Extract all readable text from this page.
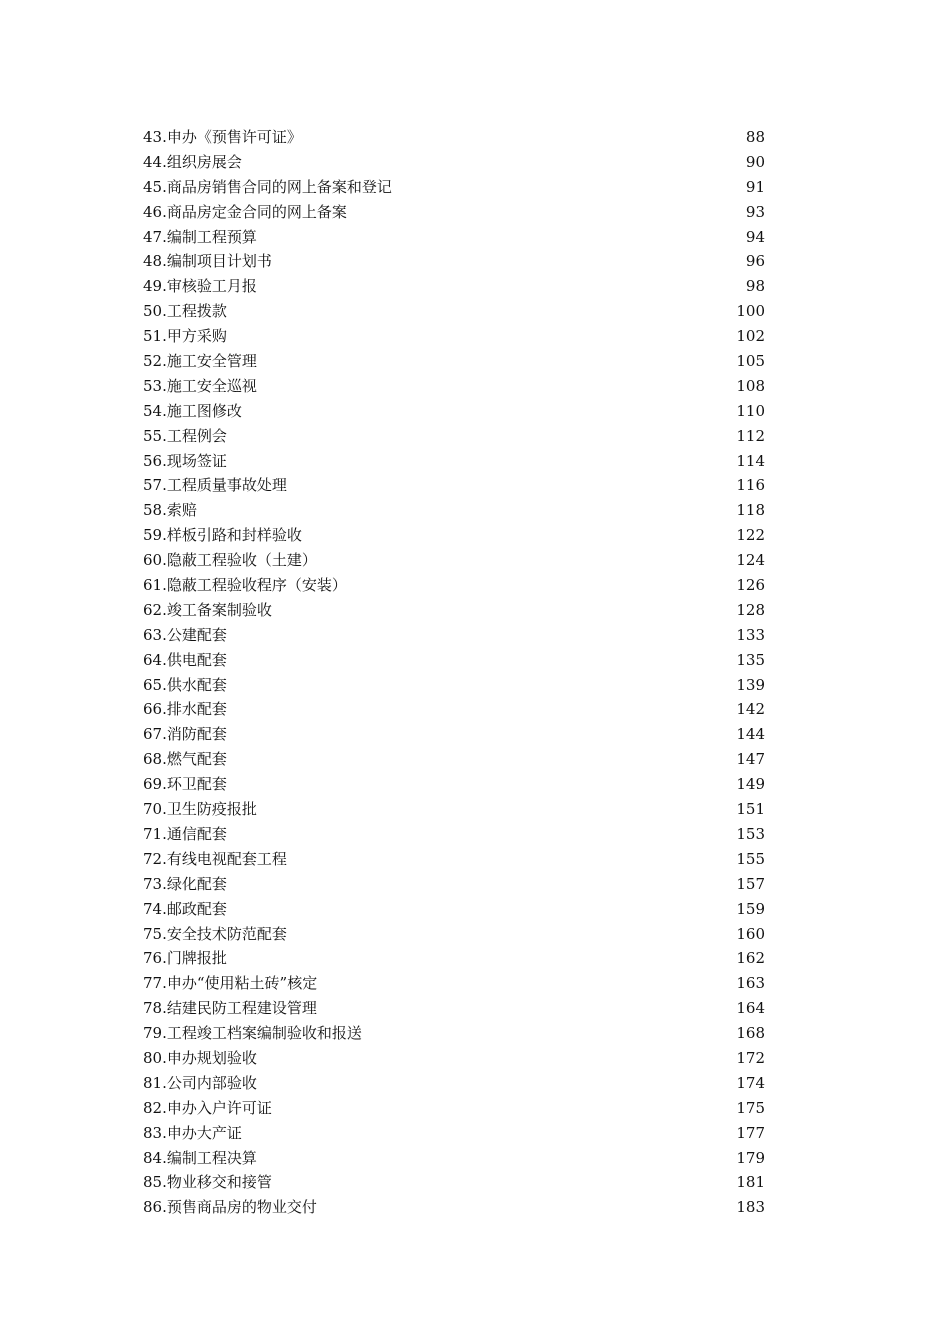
43.申办《预售许可证》	88
44.组织房展会	90
45.商品房销售合同的网上备案和登记	91
46.商品房定金合同的网上备案	93
47.编制工程预算	94
48.编制项目计划书	96
49.审核验工月报	98
50.工程拨款	100
51.甲方采购	102
52.施工安全管理	105
53.施工安全巡视	108
54.施工图修改	110
55.工程例会	112
56.现场签证	114
57.工程质量事故处理	116
58.索赔	118
59.样板引路和封样验收	122
60.隐蔽工程验收（土建）	124
61.隐蔽工程验收程序（安装）	126
62.竣工备案制验收	128
63.公建配套	133
64.供电配套	135
65.供水配套	139
66.排水配套	142
67.消防配套	144
68.燃气配套	147
69.环卫配套	149
70.卫生防疫报批	151
71.通信配套	153
72.有线电视配套工程	155
73.绿化配套	157
74.邮政配套	159
75.安全技术防范配套	160
76.门牌报批	162
77.申办“使用粘土砖”核定	163
78.结建民防工程建设管理	164
79.工程竣工档案编制验收和报送	168
80.申办规划验收	172
81.公司内部验收	174
82.申办入户许可证	175
83.申办大产证	177
84.编制工程决算	179
85.物业移交和接管	181
86.预售商品房的物业交付	183
